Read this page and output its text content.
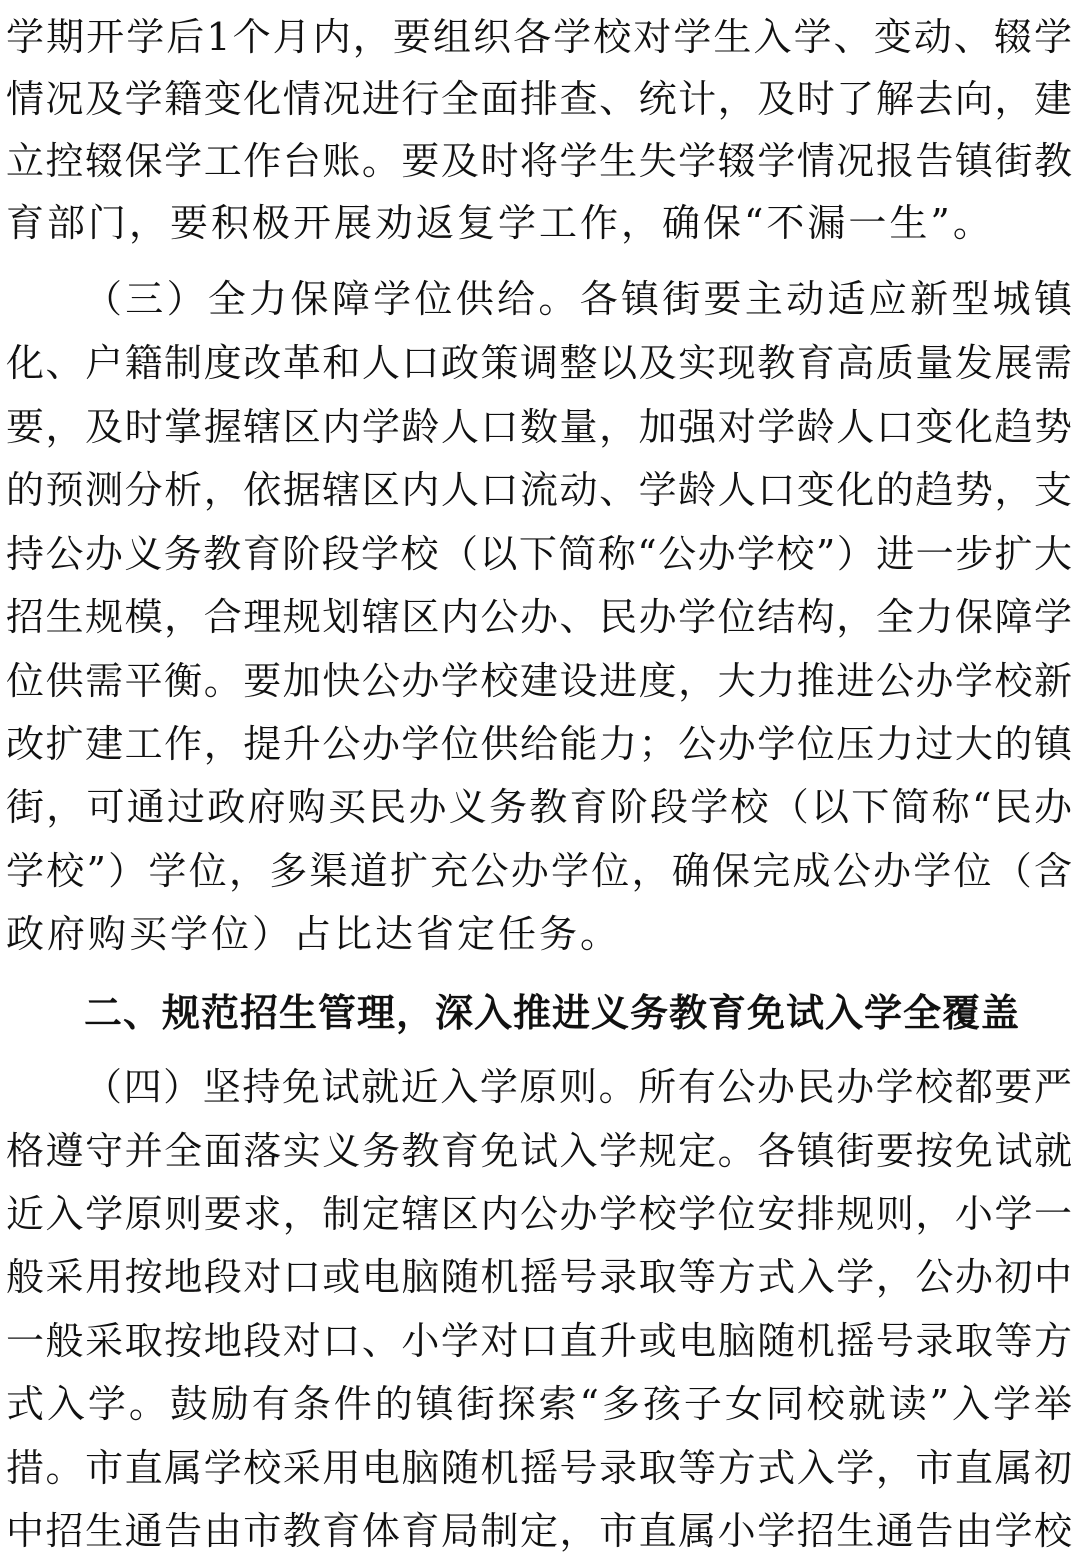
学期开学后1个月内，要组织各学校对学生入学、变动、辍学
情况及学籍变化情况进行全面排查、统计，及时了解去向，建
立控辍保学工作台账。要及时将学生失学辍学情况报告镇街教
育部门，要积极开展劝返复学工作，确保“不漏一生”。
（三）全力保障学位供给。各镇街要主动适应新型城镇
化、户籍制度改革和人口政策调整以及实现教育高质量发展需
要，及时掌握辖区内学龄人口数量，加强对学龄人口变化趋势
的预测分析，依据辖区内人口流动、学龄人口变化的趋势，支
持公办义务教育阶段学校（以下简称“公办学校”）进一步扩大
招生规模，合理规划辖区内公办、民办学位结构，全力保障学
位供需平衡。要加快公办学校建设进度，大力推进公办学校新
改扩建工作，提升公办学位供给能力；公办学位压力过大的镇
街，可通过政府购买民办义务教育阶段学校（以下简称“民办
学校”）学位，多渠道扩充公办学位，确保完成公办学位（含
政府购买学位）占比达省定任务。
二、规范招生管理，深入推进义务教育免试入学全覆盖
（四）坚持免试就近入学原则。所有公办民办学校都要严
格遵守并全面落实义务教育免试入学规定。各镇街要按免试就
近入学原则要求，制定辖区内公办学校学位安排规则，小学一
般采用按地段对口或电脑随机摇号录取等方式入学，公办初中
一般采取按地段对口、小学对口直升或电脑随机摇号录取等方
式入学。鼓励有条件的镇街探索“多孩子女同校就读”入学举
措。市直属学校采用电脑随机摇号录取等方式入学，市直属初
中招生通告由市教育体育局制定，市直属小学招生通告由学校
